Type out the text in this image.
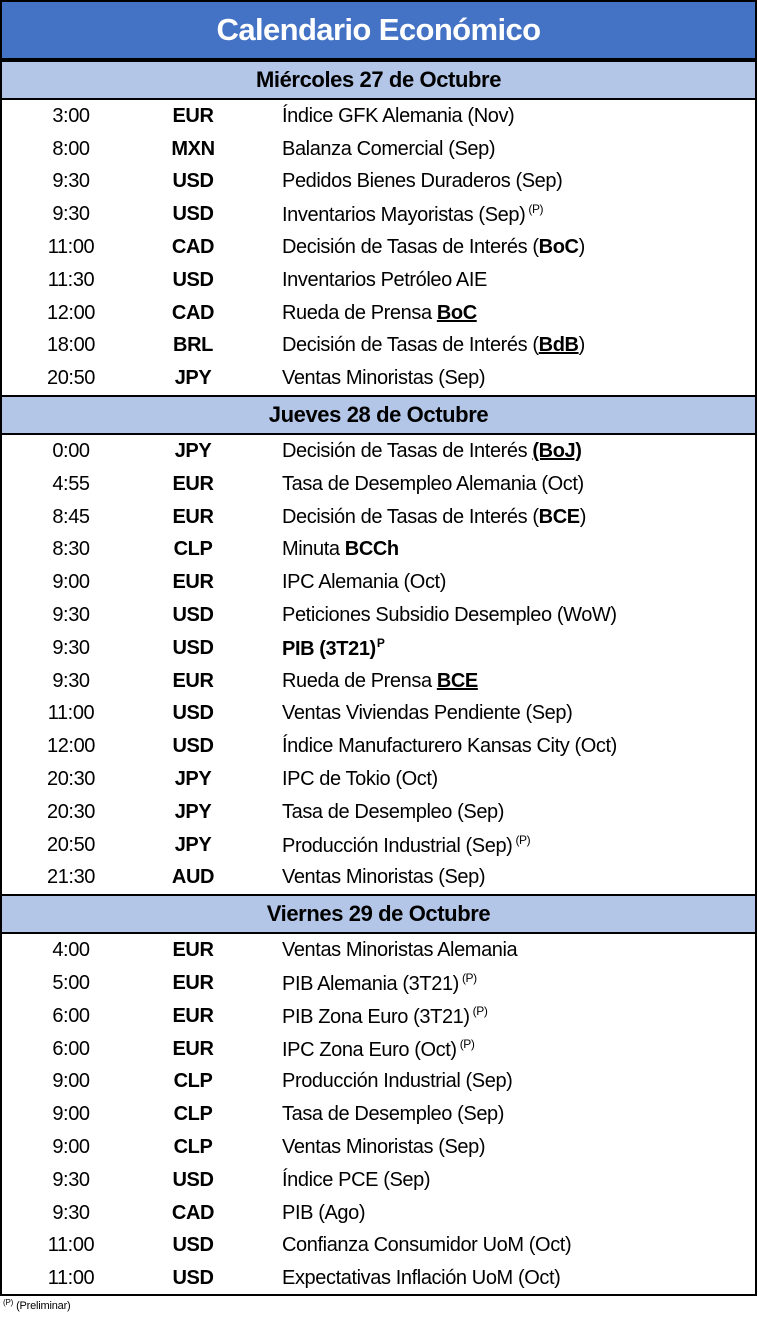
Calendario Económico
Miércoles 27 de Octubre
3:00	EUR	Índice GFK Alemania (Nov)
8:00	MXN	Balanza Comercial (Sep)
9:30	USD	Pedidos Bienes Duraderos (Sep)
9:30	USD	Inventarios Mayoristas (Sep) $^{(P)}$
11:00	CAD	Decisión de Tasas de Interés (BoC)
11:30	USD	Inventarios Petróleo AIE
12:00	CAD	Rueda de Prensa BoC
18:00	BRL	Decisión de Tasas de Interés (BdB)
20:50	JPY	Ventas Minoristas (Sep)
Jueves 28 de Octubre
0:00	JPY	Decisión de Tasas de Interés (BoJ)
4:55	EUR	Tasa de Desempleo Alemania (Oct)
8:45	EUR	Decisión de Tasas de Interés (BCE)
8:30	CLP	Minuta BCCh
9:00	EUR	IPC Alemania (Oct)
9:30	USD	Peticiones Subsidio Desempleo (WoW)
9:30	USD	PIB $(3T21)^P$
9:30	EUR	Rueda de Prensa BCE
11:00	USD	Ventas Viviendas Pendiente (Sep)
12:00	USD	Índice Manufacturero Kansas City (Oct)
20:30	JPY	IPC de Tokio (Oct)
20:30	JPY	Tasa de Desempleo (Sep)
20:50	JPY	Producción Industrial (Sep) $^{(P)}$
21:30	AUD	Ventas Minoristas (Sep)
Viernes 29 de Octubre
4:00	EUR	Ventas Minoristas Alemania
5:00	EUR	PIB Alemania (3T21) $^{(P)}$
6:00	EUR	PIB Zona Euro (3T21) $^{(P)}$
6:00	EUR	IPC Zona Euro (Oct) $^{(P)}$
9:00	CLP	Producción Industrial (Sep)
9:00	CLP	Tasa de Desempleo (Sep)
9:00	CLP	Ventas Minoristas (Sep)
9:30	USD	Índice PCE (Sep)
9:30	CAD	PIB (Ago)
11:00	USD	Confianza Consumidor UoM (Oct)
11:00	USD	Expectativas Inflación UoM (Oct)
$^{(P)}$ (Preliminar)
